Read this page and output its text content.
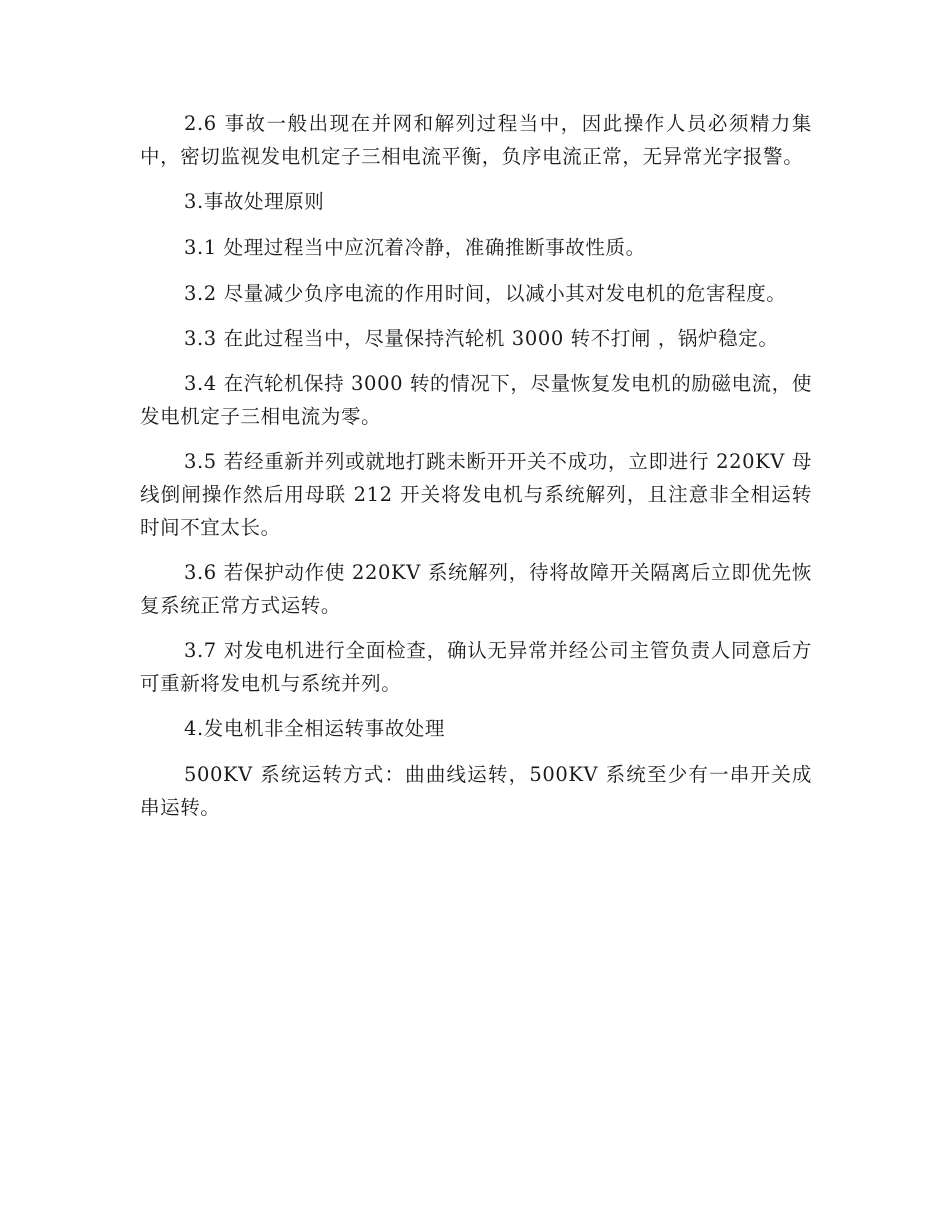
2.6 事故一般出现在并网和解列过程当中，因此操作人员必须精力集中，密切监视发电机定子三相电流平衡，负序电流正常，无异常光字报警。

3.事故处理原则

3.1 处理过程当中应沉着冷静，准确推断事故性质。

3.2 尽量减少负序电流的作用时间，以减小其对发电机的危害程度。

3.3 在此过程当中，尽量保持汽轮机 3000 转不打闸 ，锅炉稳定。

3.4 在汽轮机保持 3000 转的情况下，尽量恢复发电机的励磁电流，使发电机定子三相电流为零。

3.5 若经重新并列或就地打跳未断开开关不成功，立即进行 220KV 母线倒闸操作然后用母联 212 开关将发电机与系统解列，且注意非全相运转时间不宜太长。

3.6 若保护动作使 220KV 系统解列，待将故障开关隔离后立即优先恢复系统正常方式运转。

3.7 对发电机进行全面检查，确认无异常并经公司主管负责人同意后方可重新将发电机与系统并列。

4.发电机非全相运转事故处理

500KV 系统运转方式：曲曲线运转，500KV 系统至少有一串开关成串运转。
